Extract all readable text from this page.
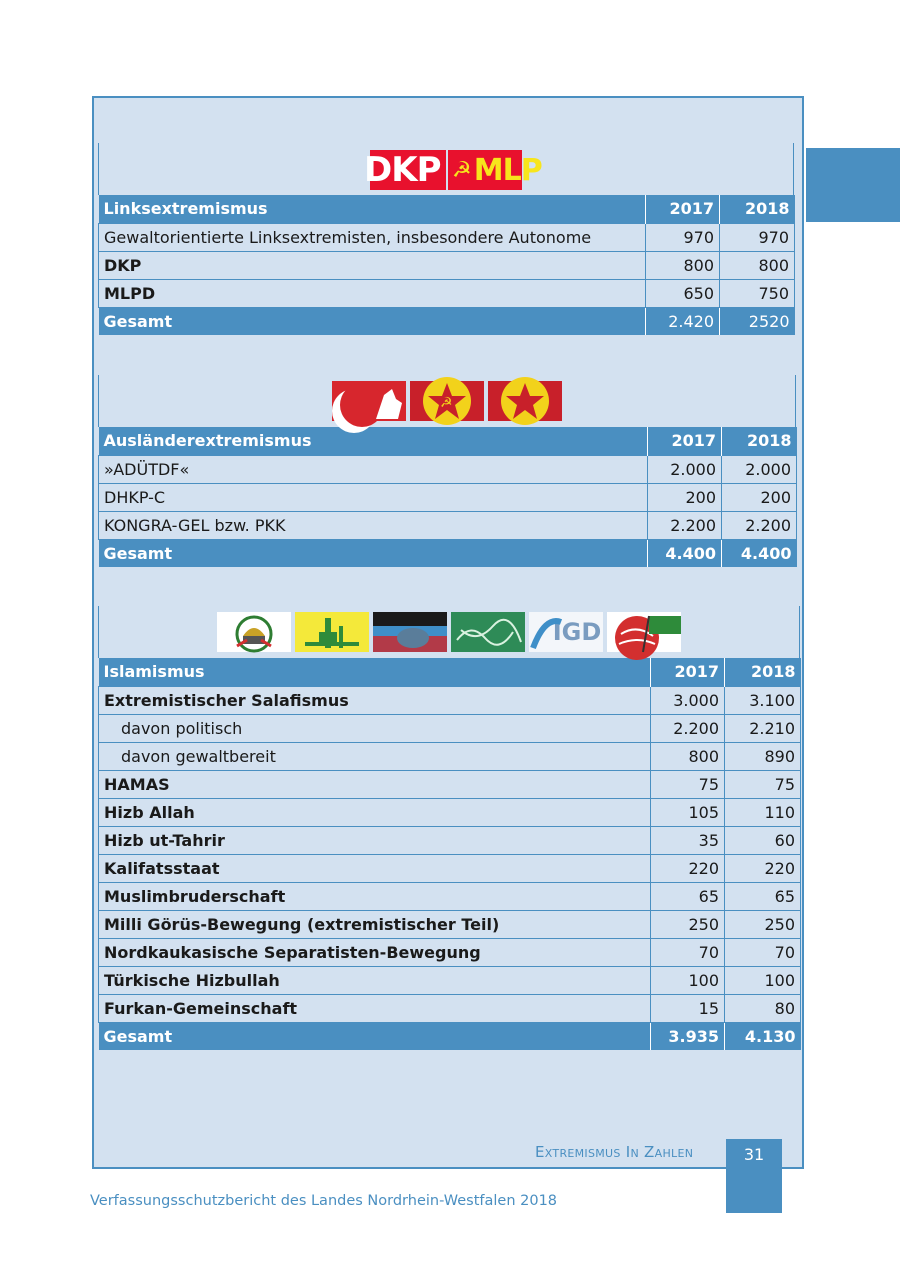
DKP ☭ MLP
Linksextremismus	2017	2018
Gewaltorientierte Linksextremisten, insbesondere Autonome	970	970
DKP	800	800
MLPD	650	750
Gesamt	2.420	2520
☭
Ausländerextremismus	2017	2018
»ADÜTDF«	2.000	2.000
DHKP-C	200	200
KONGRA-GEL bzw. PKK	2.200	2.200
Gesamt	4.400	4.400
IGD
Islamismus	2017	2018
Extremistischer Salafismus	3.000	3.100
davon politisch	2.200	2.210
davon gewaltbereit	800	890
HAMAS	75	75
Hizb Allah	105	110
Hizb ut-Tahrir	35	60
Kalifatsstaat	220	220
Muslimbruderschaft	65	65
Milli Görüs-Bewegung (extremistischer Teil)	250	250
Nordkaukasische Separatisten-Bewegung	70	70
Türkische Hizbullah	100	100
Furkan-Gemeinschaft	15	80
Gesamt	3.935	4.130
Extremismus In Zahlen	31
Verfassungsschutzbericht des Landes Nordrhein-Westfalen 2018
